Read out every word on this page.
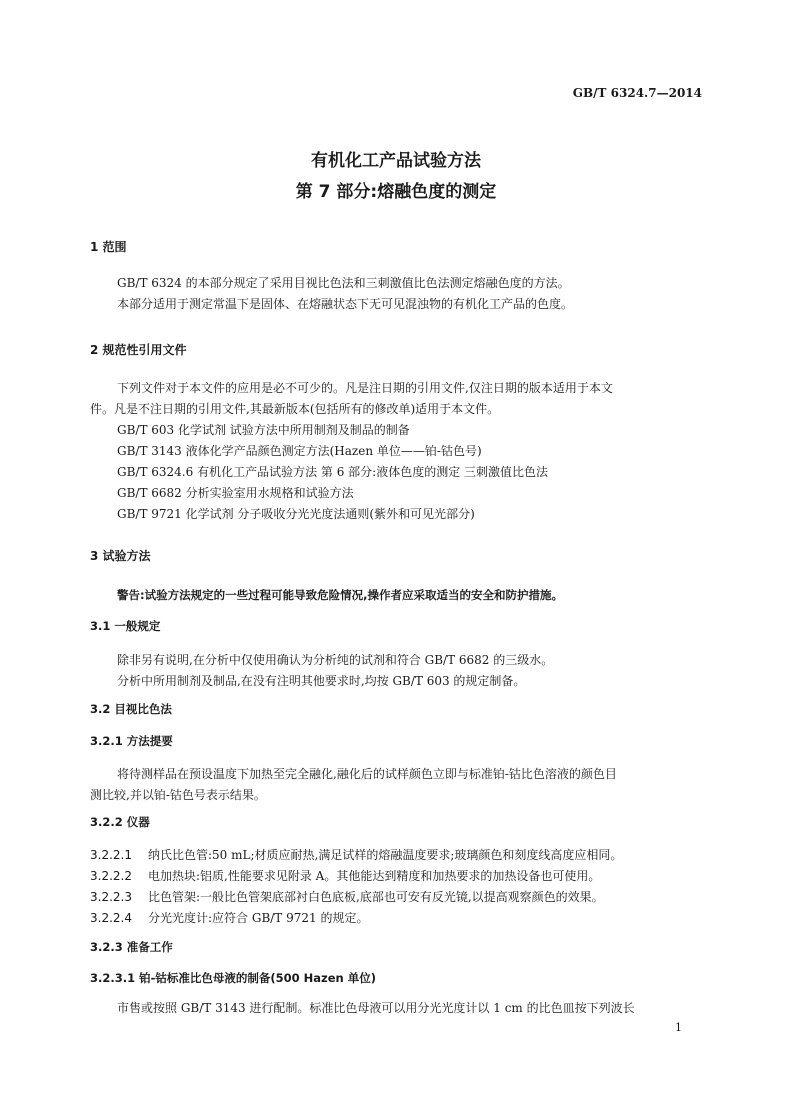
GB/T 6324.7—2014
有机化工产品试验方法
第 7 部分:熔融色度的测定
1 范围
GB/T 6324 的本部分规定了采用目视比色法和三刺激值比色法测定熔融色度的方法。
本部分适用于测定常温下是固体、在熔融状态下无可见混浊物的有机化工产品的色度。
2 规范性引用文件
下列文件对于本文件的应用是必不可少的。凡是注日期的引用文件,仅注日期的版本适用于本文
件。凡是不注日期的引用文件,其最新版本(包括所有的修改单)适用于本文件。
GB/T 603 化学试剂 试验方法中所用制剂及制品的制备
GB/T 3143 液体化学产品颜色测定方法(Hazen 单位——铂-钴色号)
GB/T 6324.6 有机化工产品试验方法 第 6 部分:液体色度的测定 三刺激值比色法
GB/T 6682 分析实验室用水规格和试验方法
GB/T 9721 化学试剂 分子吸收分光光度法通则(紫外和可见光部分)
3 试验方法
警告:试验方法规定的一些过程可能导致危险情况,操作者应采取适当的安全和防护措施。
3.1 一般规定
除非另有说明,在分析中仅使用确认为分析纯的试剂和符合 GB/T 6682 的三级水。
分析中所用制剂及制品,在没有注明其他要求时,均按 GB/T 603 的规定制备。
3.2 目视比色法
3.2.1 方法提要
将待测样品在预设温度下加热至完全融化,融化后的试样颜色立即与标准铂-钴比色溶液的颜色目
测比较,并以铂-钴色号表示结果。
3.2.2 仪器
3.2.2.1 纳氏比色管:50 mL;材质应耐热,满足试样的熔融温度要求;玻璃颜色和刻度线高度应相同。
3.2.2.2 电加热块:铝质,性能要求见附录 A。其他能达到精度和加热要求的加热设备也可使用。
3.2.2.3 比色管架:一般比色管架底部衬白色底板,底部也可安有反光镜,以提高观察颜色的效果。
3.2.2.4 分光光度计:应符合 GB/T 9721 的规定。
3.2.3 准备工作
3.2.3.1 铂-钴标准比色母液的制备(500 Hazen 单位)
市售或按照 GB/T 3143 进行配制。标准比色母液可以用分光光度计以 1 cm 的比色皿按下列波长
1
